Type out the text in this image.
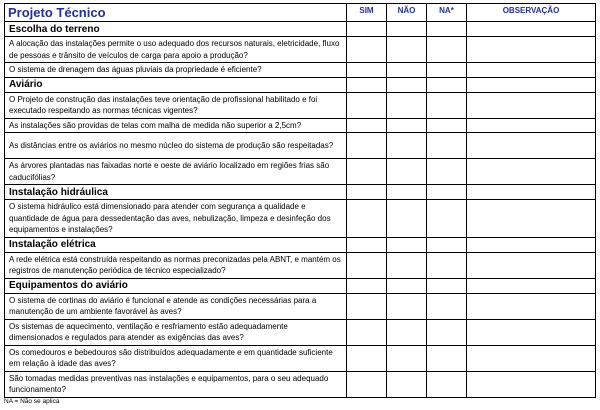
Projeto Técnico	SIM	NÃO	NA*	OBSERVAÇÃO
Escolha do terreno				
A alocação das instalações permite o uso adequado dos recursos naturais, eletricidade, fluxo de pessoas e trânsito de veículos de carga para apoio a produção?				
O sistema de drenagem das águas pluviais da propriedade é eficiente?				
Aviário				
O Projeto de construção das instalações teve orientação de profissional habilitado e foi executado respeitando as normas técnicas vigentes?				
As instalações são providas de telas com malha de medida não superior a 2,5cm?				
As distâncias entre os aviários no mesmo núcleo do sistema de produção são respeitadas?				
As árvores plantadas nas faixadas norte e oeste de aviário localizado em regiões frias são caducifólias?				
Instalação hidráulica				
O sistema hidráulico está dimensionado para atender com segurança a qualidade e quantidade de água para dessedentação das aves, nebulização, limpeza e desinfeção dos equipamentos e instalações?				
Instalação elétrica				
A rede elétrica está construída respeitando as normas preconizadas pela ABNT, e mantém os registros de manutenção periódica de técnico especializado?				
Equipamentos do aviário				
O sistema de cortinas do aviário é funcional e atende as condições necessárias para a manutenção de um ambiente favorável às aves?				
Os sistemas de aquecimento, ventilação e resfriamento estão adequadamente dimensionados e regulados para atender as exigências das aves?				
Os comedouros e bebedouros são distribuídos adequadamente e em quantidade suficiente em relação à idade das aves?				
São tomadas medidas preventivas nas instalações e equipamentos, para o seu adequado funcionamento?				
NA = Não se aplica
